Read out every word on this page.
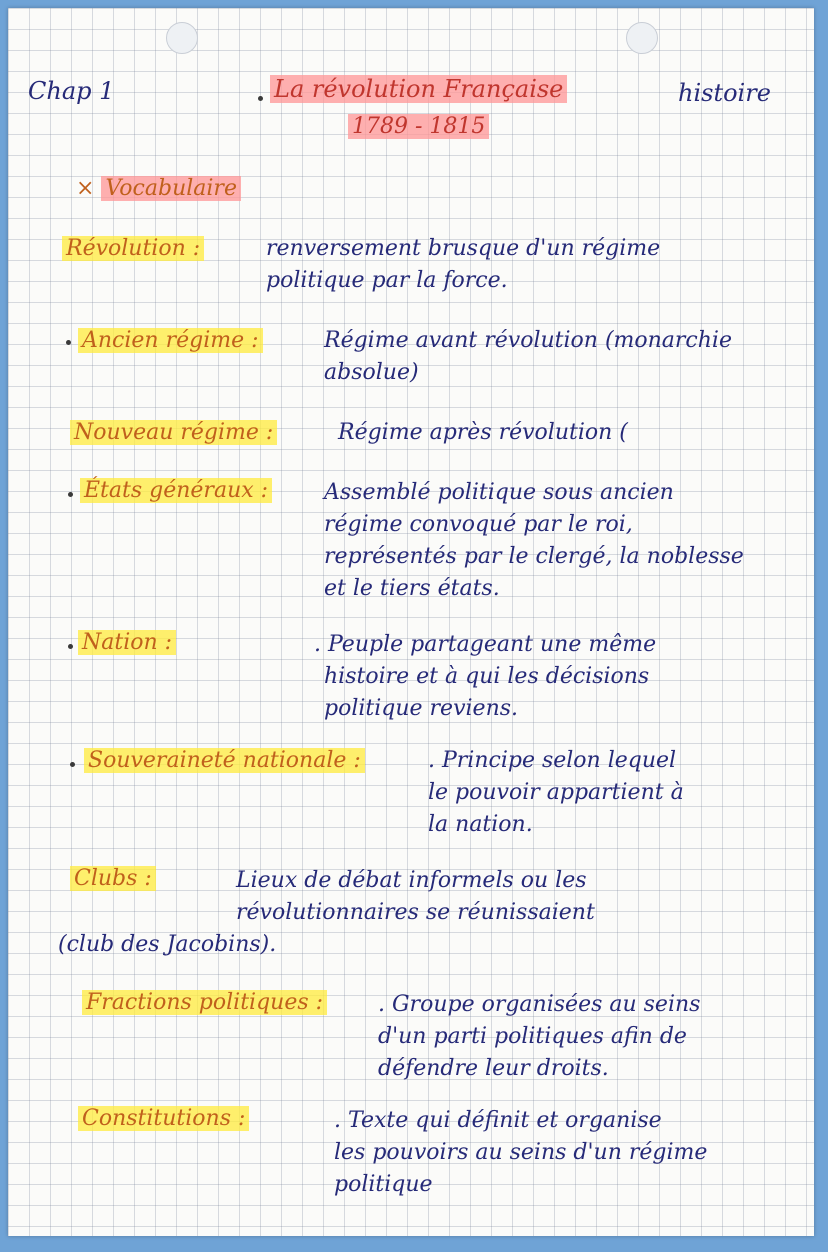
Chap 1	La révolution Française
1789 - 1815
histoire
× Vocabulaire
Révolution :	renversement brusque d'un régime
politique par la force.
Ancien régime :	Régime avant révolution (monarchie
absolue)
Nouveau régime :	Régime après révolution (
États généraux :	Assemblé politique sous ancien
régime convoqué par le roi,
représentés par le clergé, la noblesse
et le tiers états.
Nation :	. Peuple partageant une même
histoire et à qui les décisions
politique reviens.
Souveraineté nationale :	. Principe selon lequel
le pouvoir appartient à
la nation.
Clubs :	Lieux de débat informels ou les
révolutionnaires se réunissaient
(club des Jacobins).
Fractions politiques : . Groupe organisées au seins
d'un parti politiques afin de
défendre leur droits.
Constitutions :	. Texte qui définit et organise
les pouvoirs au seins d'un régime
politique
